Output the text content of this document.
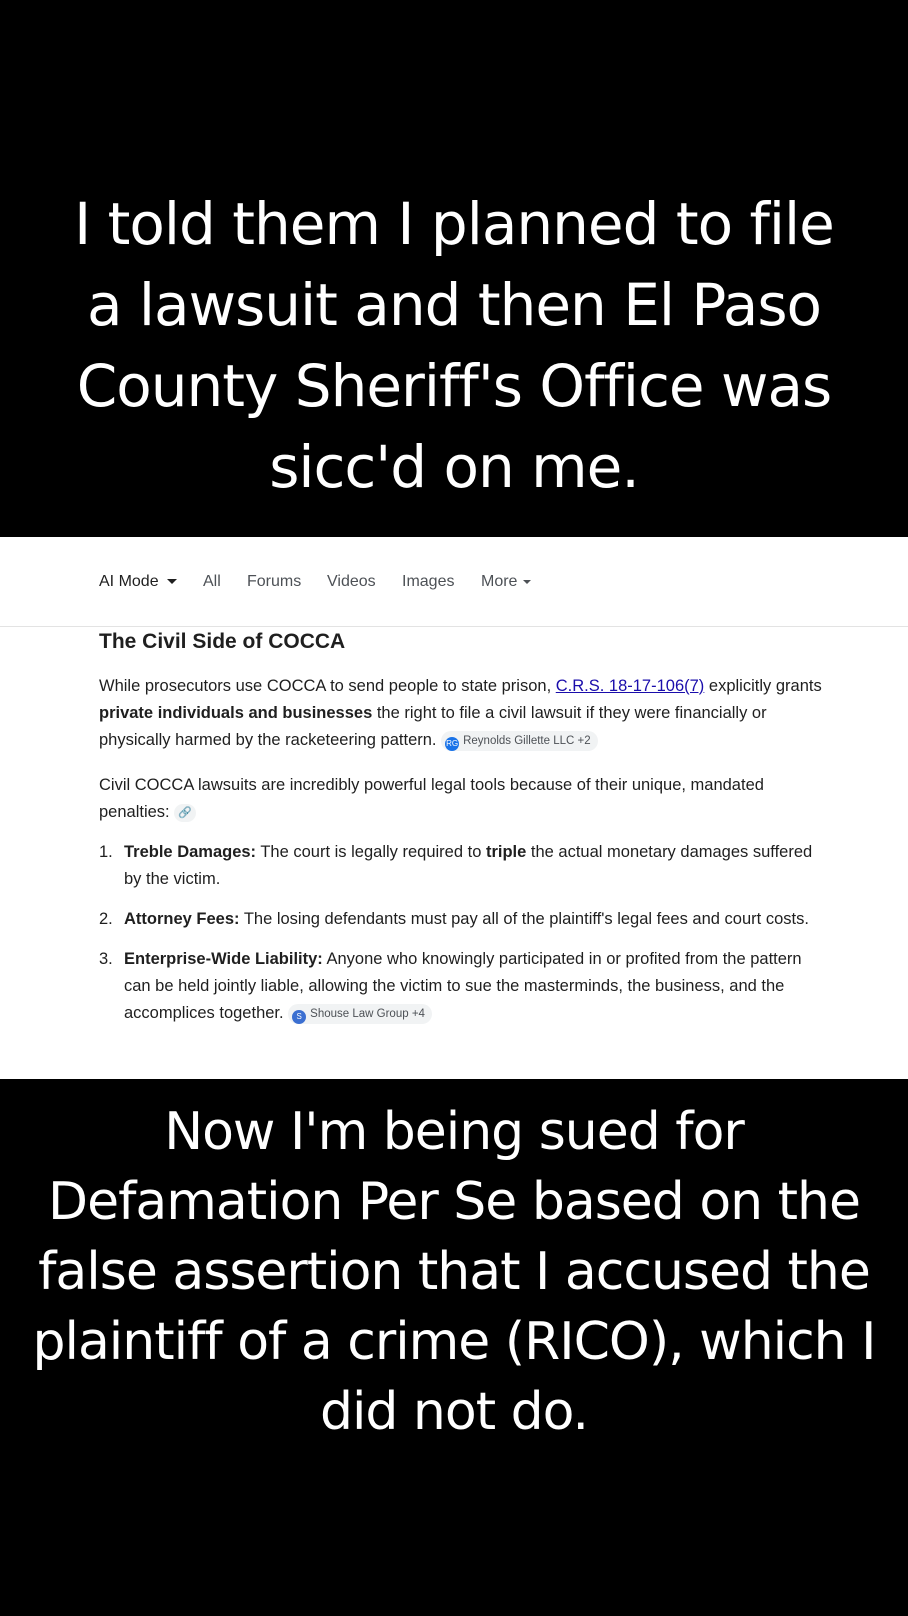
I told them I planned to file
a lawsuit and then El Paso
County Sheriff's Office was
sicc'd on me.
AI Mode	All Forums Videos Images More
The Civil Side of COCCA
While prosecutors use COCCA to send people to state prison, C.R.S. 18-17-106(7) explicitly grants private individuals and businesses the right to file a civil lawsuit if they were financially or physically harmed by the racketeering pattern. RG Reynolds Gillette LLC +2
Civil COCCA lawsuits are incredibly powerful legal tools because of their unique, mandated penalties: 🔗
1. Treble Damages: The court is legally required to triple the actual monetary damages suffered by the victim.
2. Attorney Fees: The losing defendants must pay all of the plaintiff's legal fees and court costs.
3. Enterprise-Wide Liability: Anyone who knowingly participated in or profited from the pattern can be held jointly liable, allowing the victim to sue the masterminds, the business, and the accomplices together. S Shouse Law Group +4
Now I'm being sued for
Defamation Per Se based on the
false assertion that I accused the
plaintiff of a crime (RICO), which I
did not do.
